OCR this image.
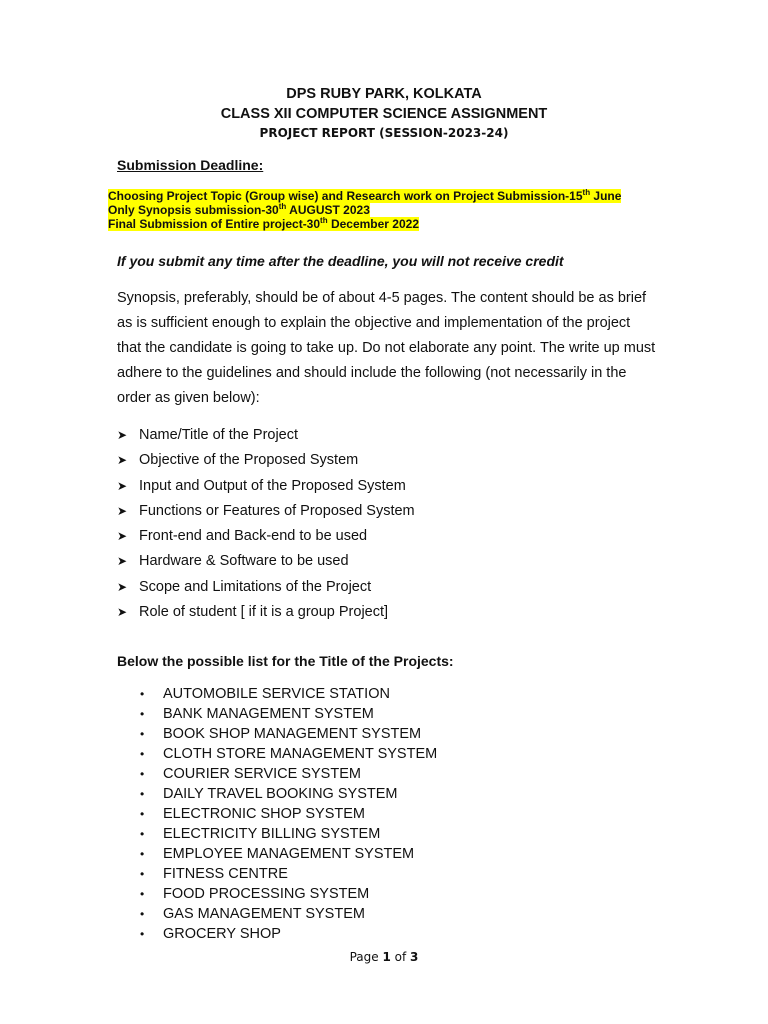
DPS RUBY PARK, KOLKATA
CLASS XII COMPUTER SCIENCE ASSIGNMENT
PROJECT REPORT (SESSION-2023-24)
Submission Deadline:
Choosing Project Topic (Group wise) and Research work on Project Submission-15th June
Only Synopsis submission-30th AUGUST 2023
Final Submission of Entire project-30th December 2022
If you submit any time after the deadline, you will not receive credit
Synopsis, preferably, should be of about 4-5 pages. The content should be as brief as is sufficient enough to explain the objective and implementation of the project that the candidate is going to take up. Do not elaborate any point. The write up must adhere to the guidelines and should include the following (not necessarily in the order as given below):
➤ Name/Title of the Project
➤ Objective of the Proposed System
➤ Input and Output of the Proposed System
➤ Functions or Features of Proposed System
➤ Front-end and Back-end to be used
➤ Hardware & Software to be used
➤ Scope and Limitations of the Project
➤ Role of student [ if it is a group Project]
Below the possible list for the Title of the Projects:
• AUTOMOBILE SERVICE STATION
• BANK MANAGEMENT SYSTEM
• BOOK SHOP MANAGEMENT SYSTEM
• CLOTH STORE MANAGEMENT SYSTEM
• COURIER SERVICE SYSTEM
• DAILY TRAVEL BOOKING SYSTEM
• ELECTRONIC SHOP SYSTEM
• ELECTRICITY BILLING SYSTEM
• EMPLOYEE MANAGEMENT SYSTEM
• FITNESS CENTRE
• FOOD PROCESSING SYSTEM
• GAS MANAGEMENT SYSTEM
• GROCERY SHOP
Page 1 of 3
